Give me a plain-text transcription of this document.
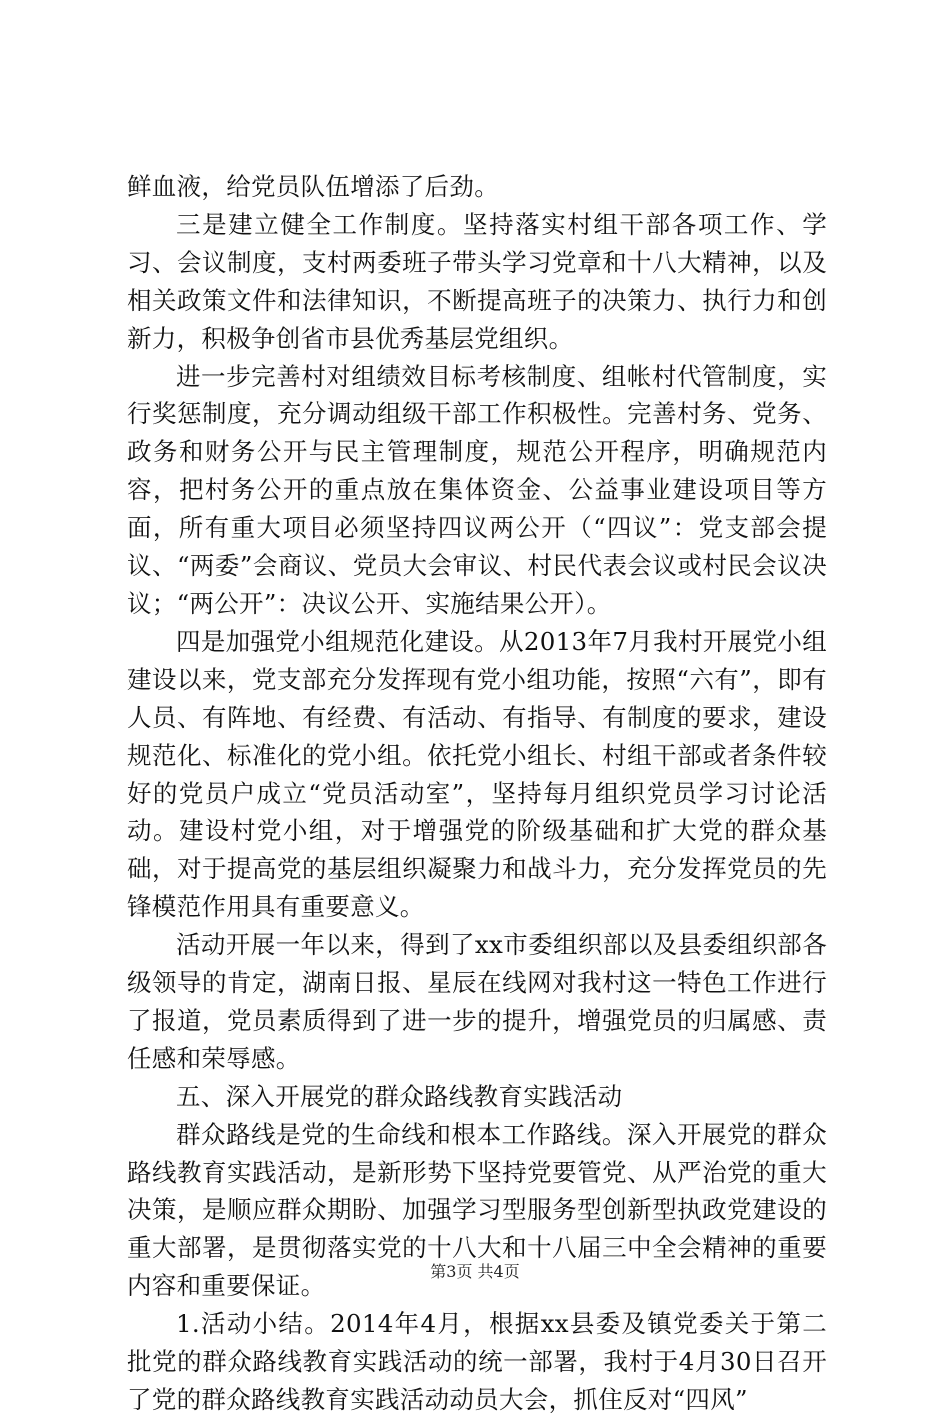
鲜血液，给党员队伍增添了后劲。

三是建立健全工作制度。坚持落实村组干部各项工作、学习、会议制度，支村两委班子带头学习党章和十八大精神，以及相关政策文件和法律知识，不断提高班子的决策力、执行力和创新力，积极争创省市县优秀基层党组织。

进一步完善村对组绩效目标考核制度、组帐村代管制度，实行奖惩制度，充分调动组级干部工作积极性。完善村务、党务、政务和财务公开与民主管理制度，规范公开程序，明确规范内容，把村务公开的重点放在集体资金、公益事业建设项目等方面，所有重大项目必须坚持四议两公开（“四议”：党支部会提议、“两委”会商议、党员大会审议、村民代表会议或村民会议决议；“两公开”：决议公开、实施结果公开）。

四是加强党小组规范化建设。从2013年7月我村开展党小组建设以来，党支部充分发挥现有党小组功能，按照“六有”，即有人员、有阵地、有经费、有活动、有指导、有制度的要求，建设规范化、标准化的党小组。依托党小组长、村组干部或者条件较好的党员户成立“党员活动室”，坚持每月组织党员学习讨论活动。建设村党小组，对于增强党的阶级基础和扩大党的群众基础，对于提高党的基层组织凝聚力和战斗力，充分发挥党员的先锋模范作用具有重要意义。

活动开展一年以来，得到了xx市委组织部以及县委组织部各级领导的肯定，湖南日报、星辰在线网对我村这一特色工作进行了报道，党员素质得到了进一步的提升，增强党员的归属感、责任感和荣辱感。

五、深入开展党的群众路线教育实践活动

群众路线是党的生命线和根本工作路线。深入开展党的群众路线教育实践活动，是新形势下坚持党要管党、从严治党的重大决策，是顺应群众期盼、加强学习型服务型创新型执政党建设的重大部署，是贯彻落实党的十八大和十八届三中全会精神的重要内容和重要保证。

1.活动小结。2014年4月，根据xx县委及镇党委关于第二批党的群众路线教育实践活动的统一部署，我村于4月30日召开了党的群众路线教育实践活动动员大会，抓住反对“四风”

第3页 共4页
